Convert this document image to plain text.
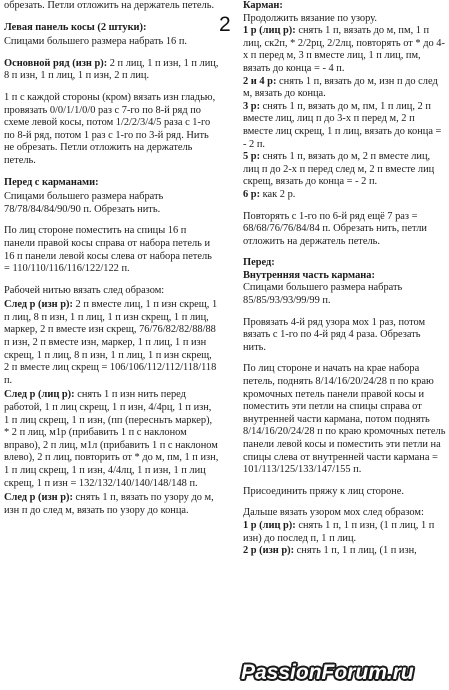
обрезать. Петли отложить на держатель петель.
Левая панель косы (2 штуки):
Спицами большего размера набрать 16 п.
Основной ряд (изн р): 2 п лиц, 1 п изн, 1 п лиц, 8 п изн, 1 п лиц, 1 п изн, 2 п лиц.
1 п с каждой стороны (кром) вязать изн гладью, провязать 0/0/1/1/0/0 раз с 7-го по 8-й ряд по схеме левой косы, потом 1/2/2/3/4/5 раза с 1-го по 8-й ряд, потом 1 раз с 1-го по 3-й ряд. Нить не обрезать. Петли отложить на держатель петель.
Перед с карманами:
Спицами большего размера набрать 78/78/84/84/90/90 п. Обрезать нить.
По лиц стороне поместить на спицы 16 п панели правой косы справа от набора петель и 16 п панели левой косы слева от набора петель = 110/110/116/116/122/122 п.
Рабочей нитью вязать след образом:
След р (изн р): 2 п вместе лиц, 1 п изн скрещ, 1 п лиц, 8 п изн, 1 п лиц, 1 п изн скрещ, 1 п лиц, маркер, 2 п вместе изн скрещ, 76/76/82/82/88/88 п изн, 2 п вместе изн, маркер, 1 п лиц, 1 п изн скрещ, 1 п лиц, 8 п изн, 1 п лиц, 1 п изн скрещ, 2 п вместе лиц скрещ = 106/106/112/112/118/118 п.
След р (лиц р): снять 1 п изн нить перед работой, 1 п лиц скрещ, 1 п изн, 4/4рц, 1 п изн, 1 п лиц скрещ, 1 п изн, (пп (пересньть маркер), * 2 п лиц, м1р (прибавить 1 п с наклоном вправо), 2 п лиц, м1л (прибавить 1 п с наклоном влево), 2 п лиц, повторить от * до м, пм, 1 п изн, 1 п лиц скрещ, 1 п изн, 4/4лц, 1 п изн, 1 п лиц скрещ, 1 п изн = 132/132/140/140/148/148 п.
След р (изн р): снять 1 п, вязать по узору до м, изн п до след м, вязать по узору до конца.
2
Карман:
Продолжить вязание по узору.
1 р (лиц р): снять 1 п, вязать до м, пм, 1 п лиц, ск2п, * 2/2рц, 2/2лц, повторять от * до 4-х п перед м, 3 п вместе лиц, 1 п лиц, пм, вязать до конца = - 4 п.
2 и 4 р: снять 1 п, вязать до м, изн п до след м, вязать до конца.
3 р: снять 1 п, вязать до м, пм, 1 п лиц, 2 п вместе лиц, лиц п до 3-х п перед м, 2 п вместе лиц скрещ, 1 п лиц, вязать до конца = - 2 п.
5 р: снять 1 п, вязать до м, 2 п вместе лиц, лиц п до 2-х п перед след м, 2 п вместе лиц скрещ, вязать до конца = - 2 п.
6 р: как 2 р.
Повторять с 1-го по 6-й ряд ещё 7 раз = 68/68/76/76/84/84 п. Обрезать нить, петли отложить на держатель петель.
Перед:
Внутренняя часть кармана:
Спицами большего размера набрать 85/85/93/93/99/99 п.
Провязать 4-й ряд узора мох 1 раз, потом вязать с 1-го по 4-й ряд 4 раза. Обрезать нить.
По лиц стороне и начать на крае набора петель, поднять 8/14/16/20/24/28 п по краю кромочных петель панели правой косы и поместить эти петли на спицы справа от внутренней части кармана, потом поднять 8/14/16/20/24/28 п по краю кромочных петель панели левой косы и поместить эти петли на спицы слева от внутренней части кармана = 101/113/125/133/147/155 п.
Присоединить пряжу к лиц стороне.
Дальше вязать узором мох след образом:
1 р (лиц р): снять 1 п, 1 п изн, (1 п лиц, 1 п изн) до послед п, 1 п лиц.
2 р (изн р): снять 1 п, 1 п лиц, (1 п изн,
PassionForum.ru
